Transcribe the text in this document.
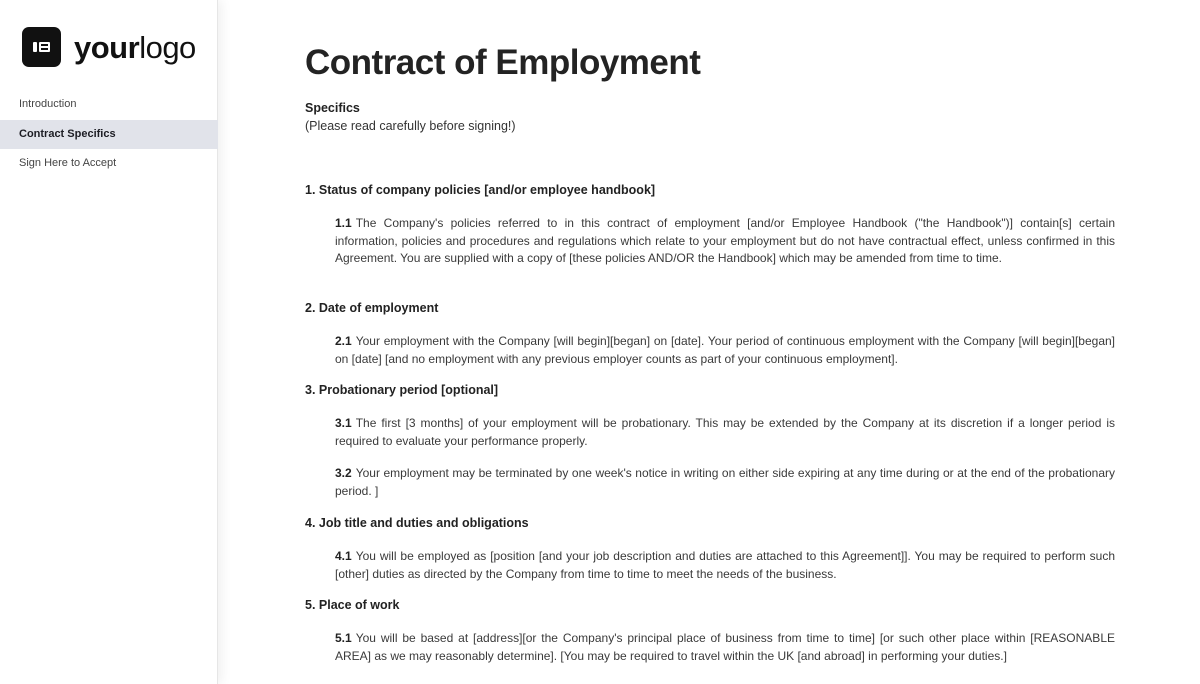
yourlogo
Introduction
Contract Specifics
Sign Here to Accept
Contract of Employment
Specifics
(Please read carefully before signing!)
1. Status of company policies [and/or employee handbook]

1.1 The Company's policies referred to in this contract of employment [and/or Employee Handbook ("the Handbook")] contain[s] certain information, policies and procedures and regulations which relate to your employment but do not have contractual effect, unless confirmed in this Agreement. You are supplied with a copy of [these policies AND/OR the Handbook] which may be amended from time to time.

2. Date of employment

2.1 Your employment with the Company [will begin][began] on [date]. Your period of continuous employment with the Company [will begin][began] on [date] [and no employment with any previous employer counts as part of your continuous employment].

3. Probationary period [optional]

3.1 The first [3 months] of your employment will be probationary. This may be extended by the Company at its discretion if a longer period is required to evaluate your performance properly.

3.2 Your employment may be terminated by one week's notice in writing on either side expiring at any time during or at the end of the probationary period. ]

4. Job title and duties and obligations

4.1 You will be employed as [position [and your job description and duties are attached to this Agreement]]. You may be required to perform such [other] duties as directed by the Company from time to time to meet the needs of the business.

5. Place of work

5.1 You will be based at [address][or the Company's principal place of business from time to time] [or such other place within [REASONABLE AREA] as we may reasonably determine]. [You may be required to travel within the UK [and abroad] in performing your duties.]
